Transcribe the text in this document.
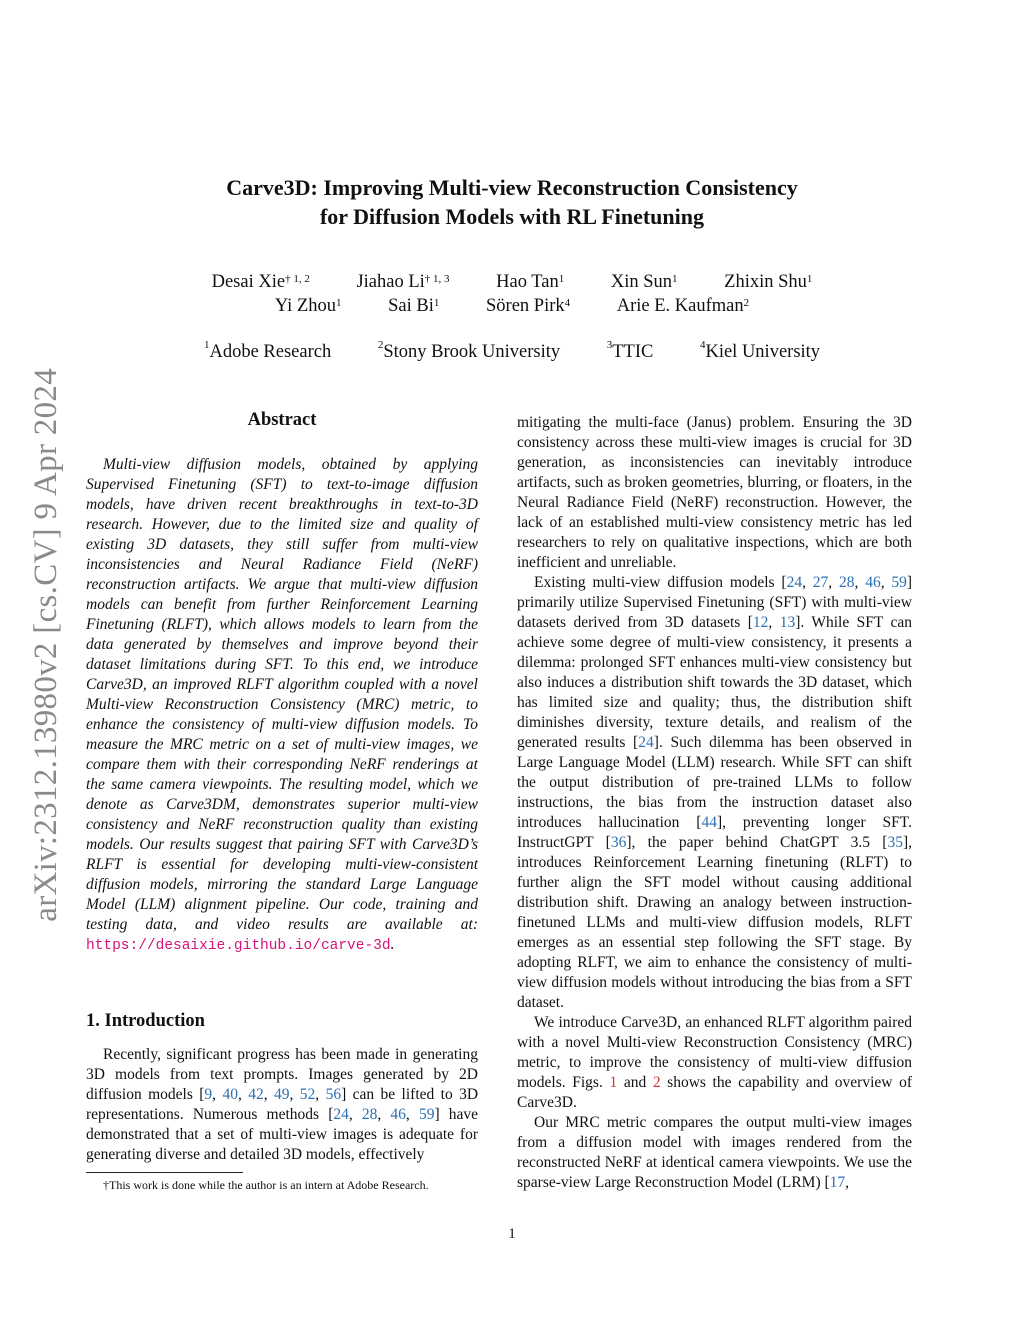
arXiv:2312.13980v2 [cs.CV] 9 Apr 2024
Carve3D: Improving Multi-view Reconstruction Consistency
for Diffusion Models with RL Finetuning
Desai Xie$^{\dagger 1, 2}$	Jiahao Li$^{\dagger 1, 3}$	Hao Tan$^1$	Xin Sun$^1$	Zhixin Shu$^1$
Yi Zhou$^1$	Sai Bi$^1$	Sören Pirk$^4$	Arie E. Kaufman$^2$
$^1$Adobe Research	$^2$Stony Brook University	$^3$TTIC	$^4$Kiel University
Abstract
Multi-view diffusion models, obtained by applying Supervised Finetuning (SFT) to text-to-image diffusion models, have driven recent breakthroughs in text-to-3D research. However, due to the limited size and quality of existing 3D datasets, they still suffer from multi-view inconsistencies and Neural Radiance Field (NeRF) reconstruction artifacts. We argue that multi-view diffusion models can benefit from further Reinforcement Learning Finetuning (RLFT), which allows models to learn from the data generated by themselves and improve beyond their dataset limitations during SFT. To this end, we introduce Carve3D, an improved RLFT algorithm coupled with a novel Multi-view Reconstruction Consistency (MRC) metric, to enhance the consistency of multi-view diffusion models. To measure the MRC metric on a set of multi-view images, we compare them with their corresponding NeRF renderings at the same camera viewpoints. The resulting model, which we denote as Carve3DM, demonstrates superior multi-view consistency and NeRF reconstruction quality than existing models. Our results suggest that pairing SFT with Carve3D’s RLFT is essential for developing multi-view-consistent diffusion models, mirroring the standard Large Language Model (LLM) alignment pipeline. Our code, training and testing data, and video results are available at: https://desaixie.github.io/carve-3d.
1. Introduction

Recently, significant progress has been made in generating 3D models from text prompts. Images generated by 2D diffusion models [9, 40, 42, 49, 52, 56] can be lifted to 3D representations. Numerous methods [24, 28, 46, 59] have demonstrated that a set of multi-view images is adequate for generating diverse and detailed 3D models, effectively

†This work is done while the author is an intern at Adobe Research.

mitigating the multi-face (Janus) problem. Ensuring the 3D consistency across these multi-view images is crucial for 3D generation, as inconsistencies can inevitably introduce artifacts, such as broken geometries, blurring, or floaters, in the Neural Radiance Field (NeRF) reconstruction. However, the lack of an established multi-view consistency metric has led researchers to rely on qualitative inspections, which are both inefficient and unreliable.

Existing multi-view diffusion models [24, 27, 28, 46, 59] primarily utilize Supervised Finetuning (SFT) with multi-view datasets derived from 3D datasets [12, 13]. While SFT can achieve some degree of multi-view consistency, it presents a dilemma: prolonged SFT enhances multi-view consistency but also induces a distribution shift towards the 3D dataset, which has limited size and quality; thus, the distribution shift diminishes diversity, texture details, and realism of the generated results [24]. Such dilemma has been observed in Large Language Model (LLM) research. While SFT can shift the output distribution of pre-trained LLMs to follow instructions, the bias from the instruction dataset also introduces hallucination [44], preventing longer SFT. InstructGPT [36], the paper behind ChatGPT 3.5 [35], introduces Reinforcement Learning finetuning (RLFT) to further align the SFT model without causing additional distribution shift. Drawing an analogy between instruction-finetuned LLMs and multi-view diffusion models, RLFT emerges as an essential step following the SFT stage. By adopting RLFT, we aim to enhance the consistency of multi-view diffusion models without introducing the bias from a SFT dataset.

We introduce Carve3D, an enhanced RLFT algorithm paired with a novel Multi-view Reconstruction Consistency (MRC) metric, to improve the consistency of multi-view diffusion models. Figs. 1 and 2 shows the capability and overview of Carve3D.

Our MRC metric compares the output multi-view images from a diffusion model with images rendered from the reconstructed NeRF at identical camera viewpoints. We use the sparse-view Large Reconstruction Model (LRM) [17,

1
